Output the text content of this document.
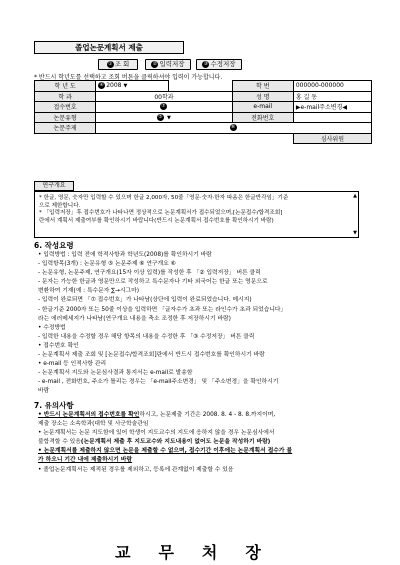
졸업논문계획서 제출
① 조 회	② 입력저장	③ 수정저장
* 반드시 학년도를 선택하고 조회 버튼을 클릭하셔야 입력이 가능합니다.
학 년 도	④ 2008 ▼		학 번	000000-000000
학 과	00학과		성 명	홍 길 동
접수번호	⑦		e-mail	▶e-mail주소변경◀
논문유형	⑤ ▼		전화번호	
논문주제	⑥			
				심사위원
연구개요

* 한글, 영문, 숫자만 입력할 수 있으며 한글 2,000자, 50줄「영문·숫자·한자 따옴은 한글반각임」기준

으로 제한합니다.

* 「입력저장」후 접수번호가 나타나면 정상적으로 논문계획서가 접수되었으며,[논문접수/합격조회]

란에서 계획서 제출여부를 확인하시기 바랍니다(반드시 논문계획서 접수번호를 확인하시기 바람)

▲
▼
6. 작성요령
• 입력방법 : 입력 전에 학적사항과 학년도(2008)를 확인하시기 바람
- 입력항목(3개) : 논문유형 ⑤ 논문주제 ⑥ 연구개요 ⑥
- 논문유형, 논문주제, 연구개요(15자 이상 입력)를 작성한 후 「② 입력저장」 버튼 클릭
- 문자는 가능한 한글과 영문만으로 작성하고 특수문자나 기타 외국어는 한글 또는 영문으로
변환하여 기재(예 : 특수문자 ∑→시그마)
- 입력이 완료되면 「⑦ 접수번호」가 나타남(상단에 입력이 완료되었습니다. 메시지)
- 한글기준 2000자 또는 50줄 이상을 입력하면 「글자수가 초과 또는 라인수가 초과 되었습니다」
라는 에러메세지가 나타남(연구개요 내용을 축소 조정한 후 저장하시기 바람)
• 수정방법
- 입력한 내용을 수정할 경우 해당 항목의 내용을 수정한 후 「③ 수정저장」 버튼 클릭
• 접수번호 확인
- 논문계획서 제출 조회 및 [논문접수/합격조회]란에서 반드시 접수번호를 확인하시기 바람
• e-mail 등 인적사항 관리
- 논문계획서 지도와 논문심사결과 통지서는 e-mail로 발송함
- e-mail , 전화번호, 주소가 틀리는 경우는 「e-mail주소변경」 및 「주소변경」을 확인하시기
바람
7. 유의사항
• 반드시 논문계획서의 접수번호를 확인하시고, 논문제출 기간은 2008. 8. 4 - 8. 8.까지이며,
제출 장소는 소속학과(대학 및 사군학술관임
• 논문계획서는 논문 지도함에 있어 학생이 지도교수의 지도에 응하지 않을 경우 논문심사에서
불합격할 수 있음(논문계획서 제출 후 지도교수와 지도내용이 없어도 논문을 작성하기 바람)
• 논문계획서를 제출하지 않으면 논문을 제출할 수 없으며, 접수기간 이후에는 논문계획서 접수가 불
가 하오니 기간 내에 제출하시기 바람
• 졸업논문계획서는 제적된 경우를 제외하고, 등록에 관계없이 제출할 수 있음
교무처장
